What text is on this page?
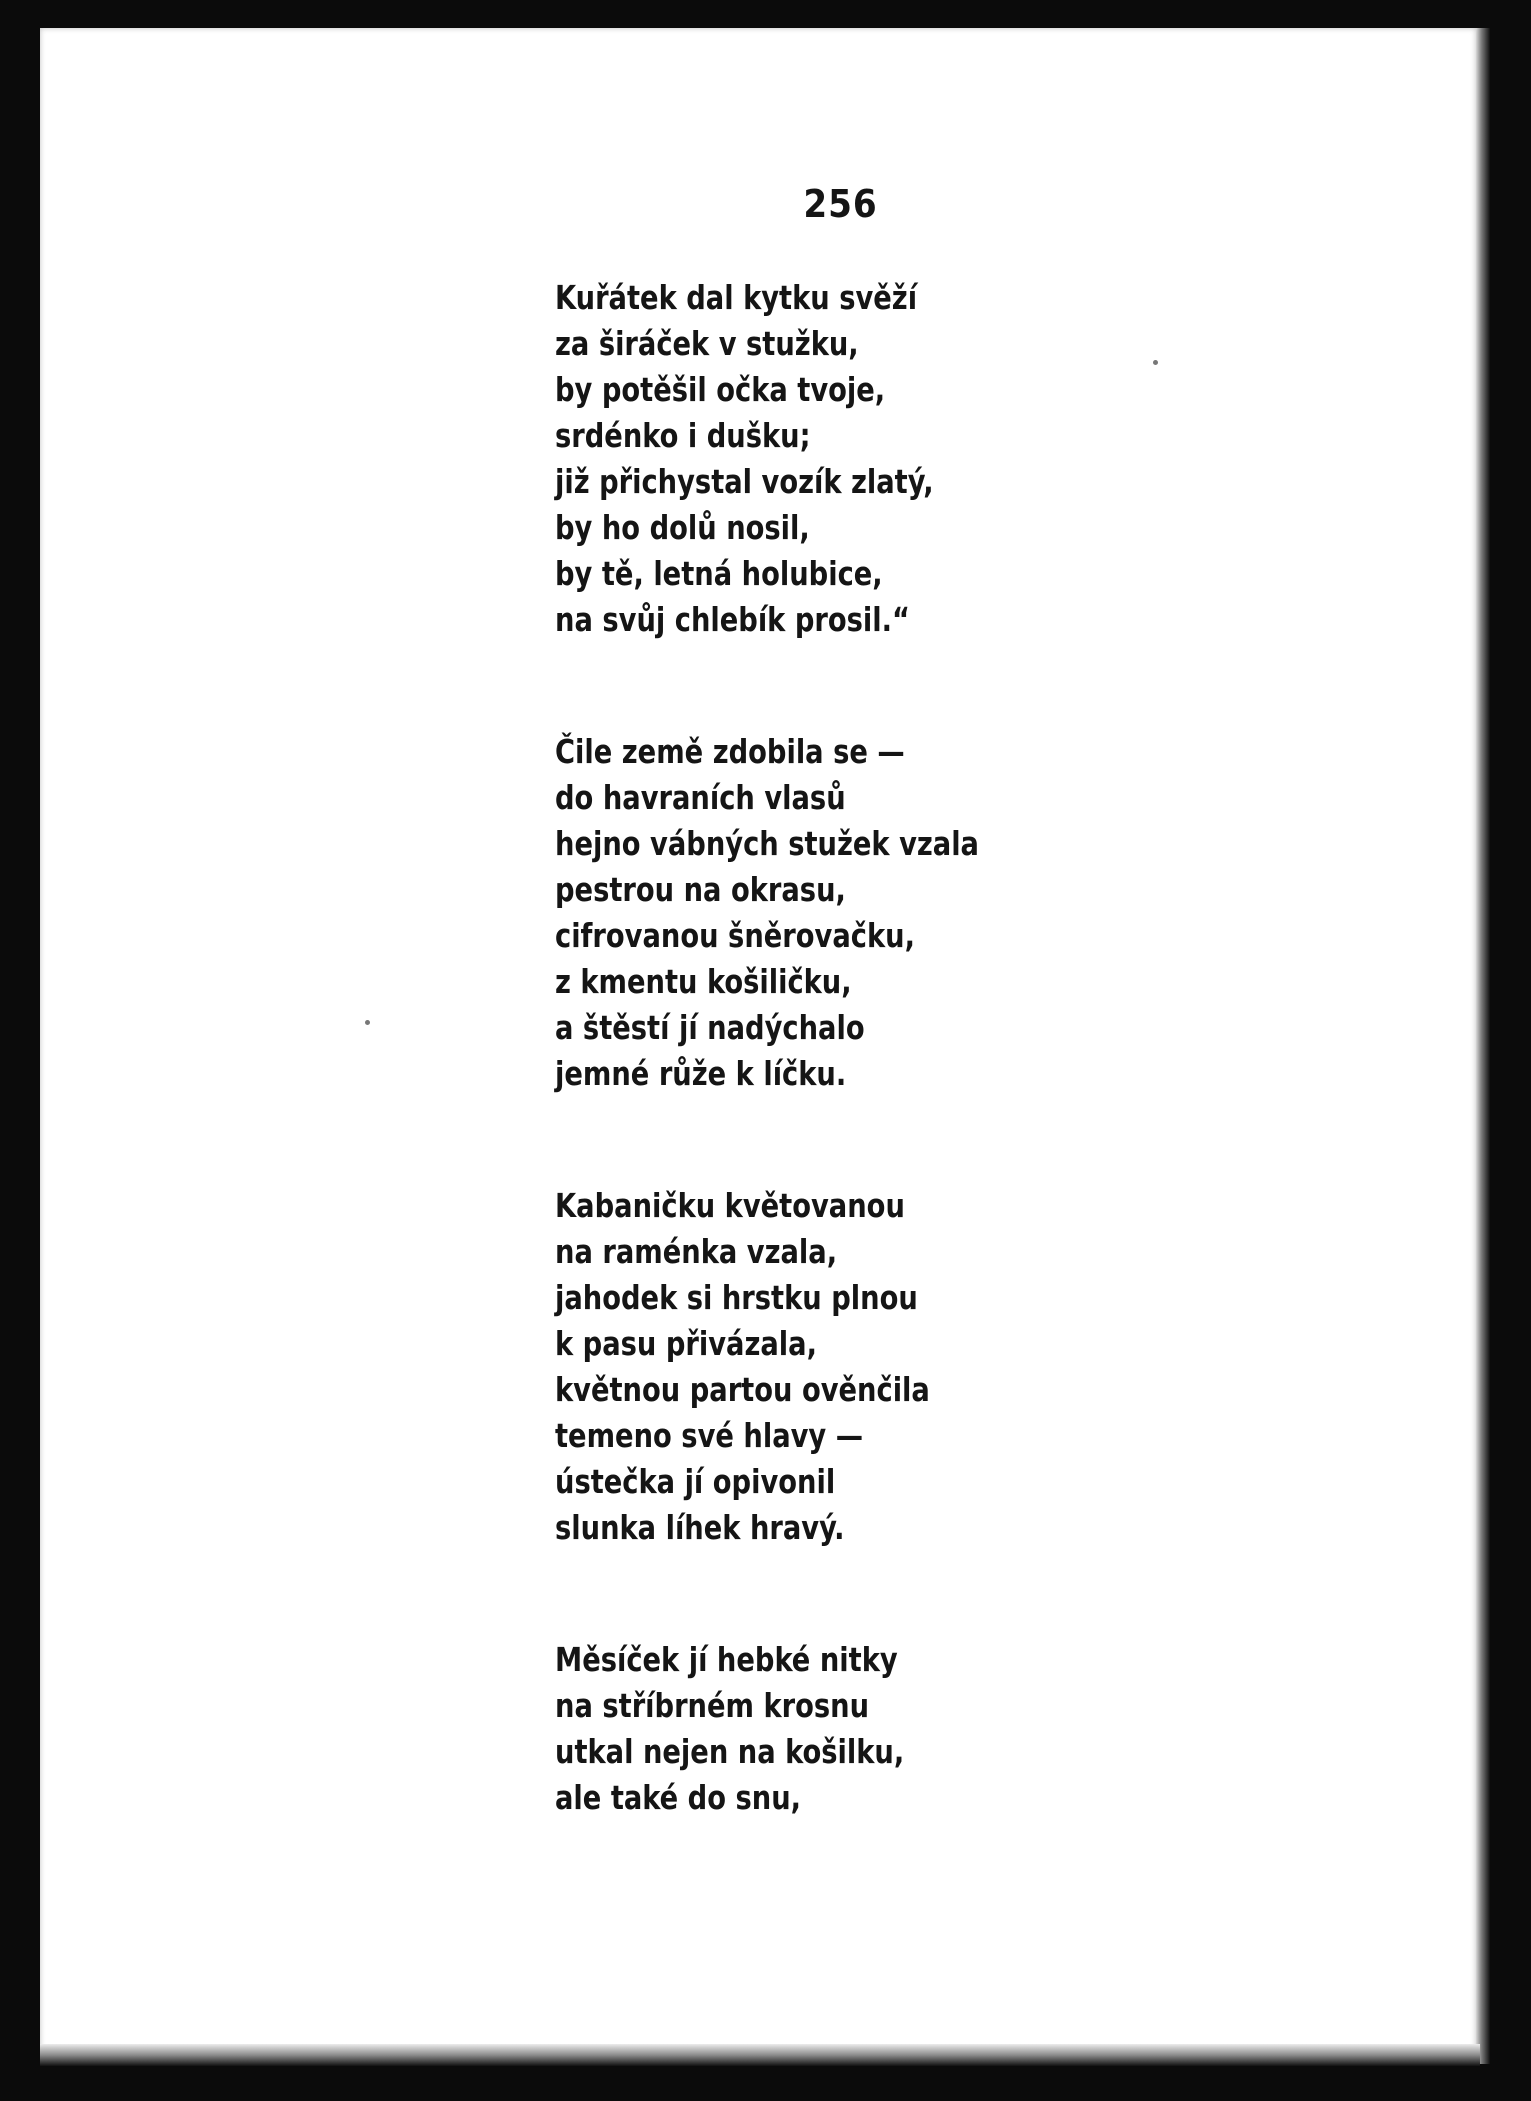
256
Kuřátek dal kytku svěží
za širáček v stužku,
by potěšil očka tvoje,
srdénko i dušku;
již přichystal vozík zlatý,
by ho dolů nosil,
by tě, letná holubice,
na svůj chlebík prosil.“
Čile země zdobila se —
do havraních vlasů
hejno vábných stužek vzala
pestrou na okrasu,
cifrovanou šněrovačku,
z kmentu košiličku,
a štěstí jí nadýchalo
jemné růže k líčku.
Kabaničku květovanou
na raménka vzala,
jahodek si hrstku plnou
k pasu přivázala,
květnou partou ověnčila
temeno své hlavy —
ústečka jí opivonil
slunka líhek hravý.
Měsíček jí hebké nitky
na stříbrném krosnu
utkal nejen na košilku,
ale také do snu,
